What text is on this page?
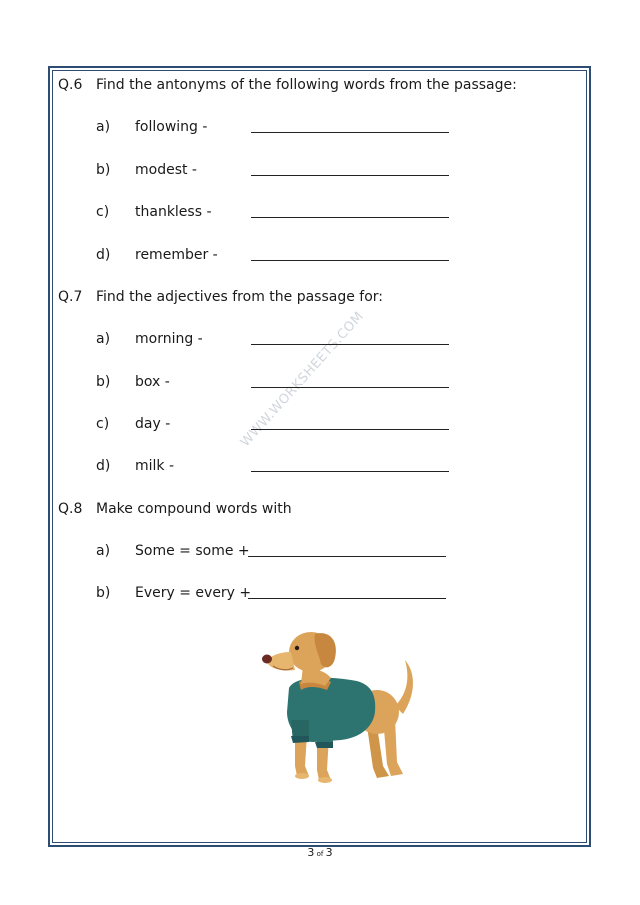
WWW.WORKSHEETS.COM
Q.6 Find the antonyms of the following words from the passage:
a) following -
b) modest -
c) thankless -
d) remember -
Q.7 Find the adjectives from the passage for:
a) morning -
b) box -
c) day -
d) milk -
Q.8 Make compound words with
a) Some = some +
b) Every = every +
3 of 3
